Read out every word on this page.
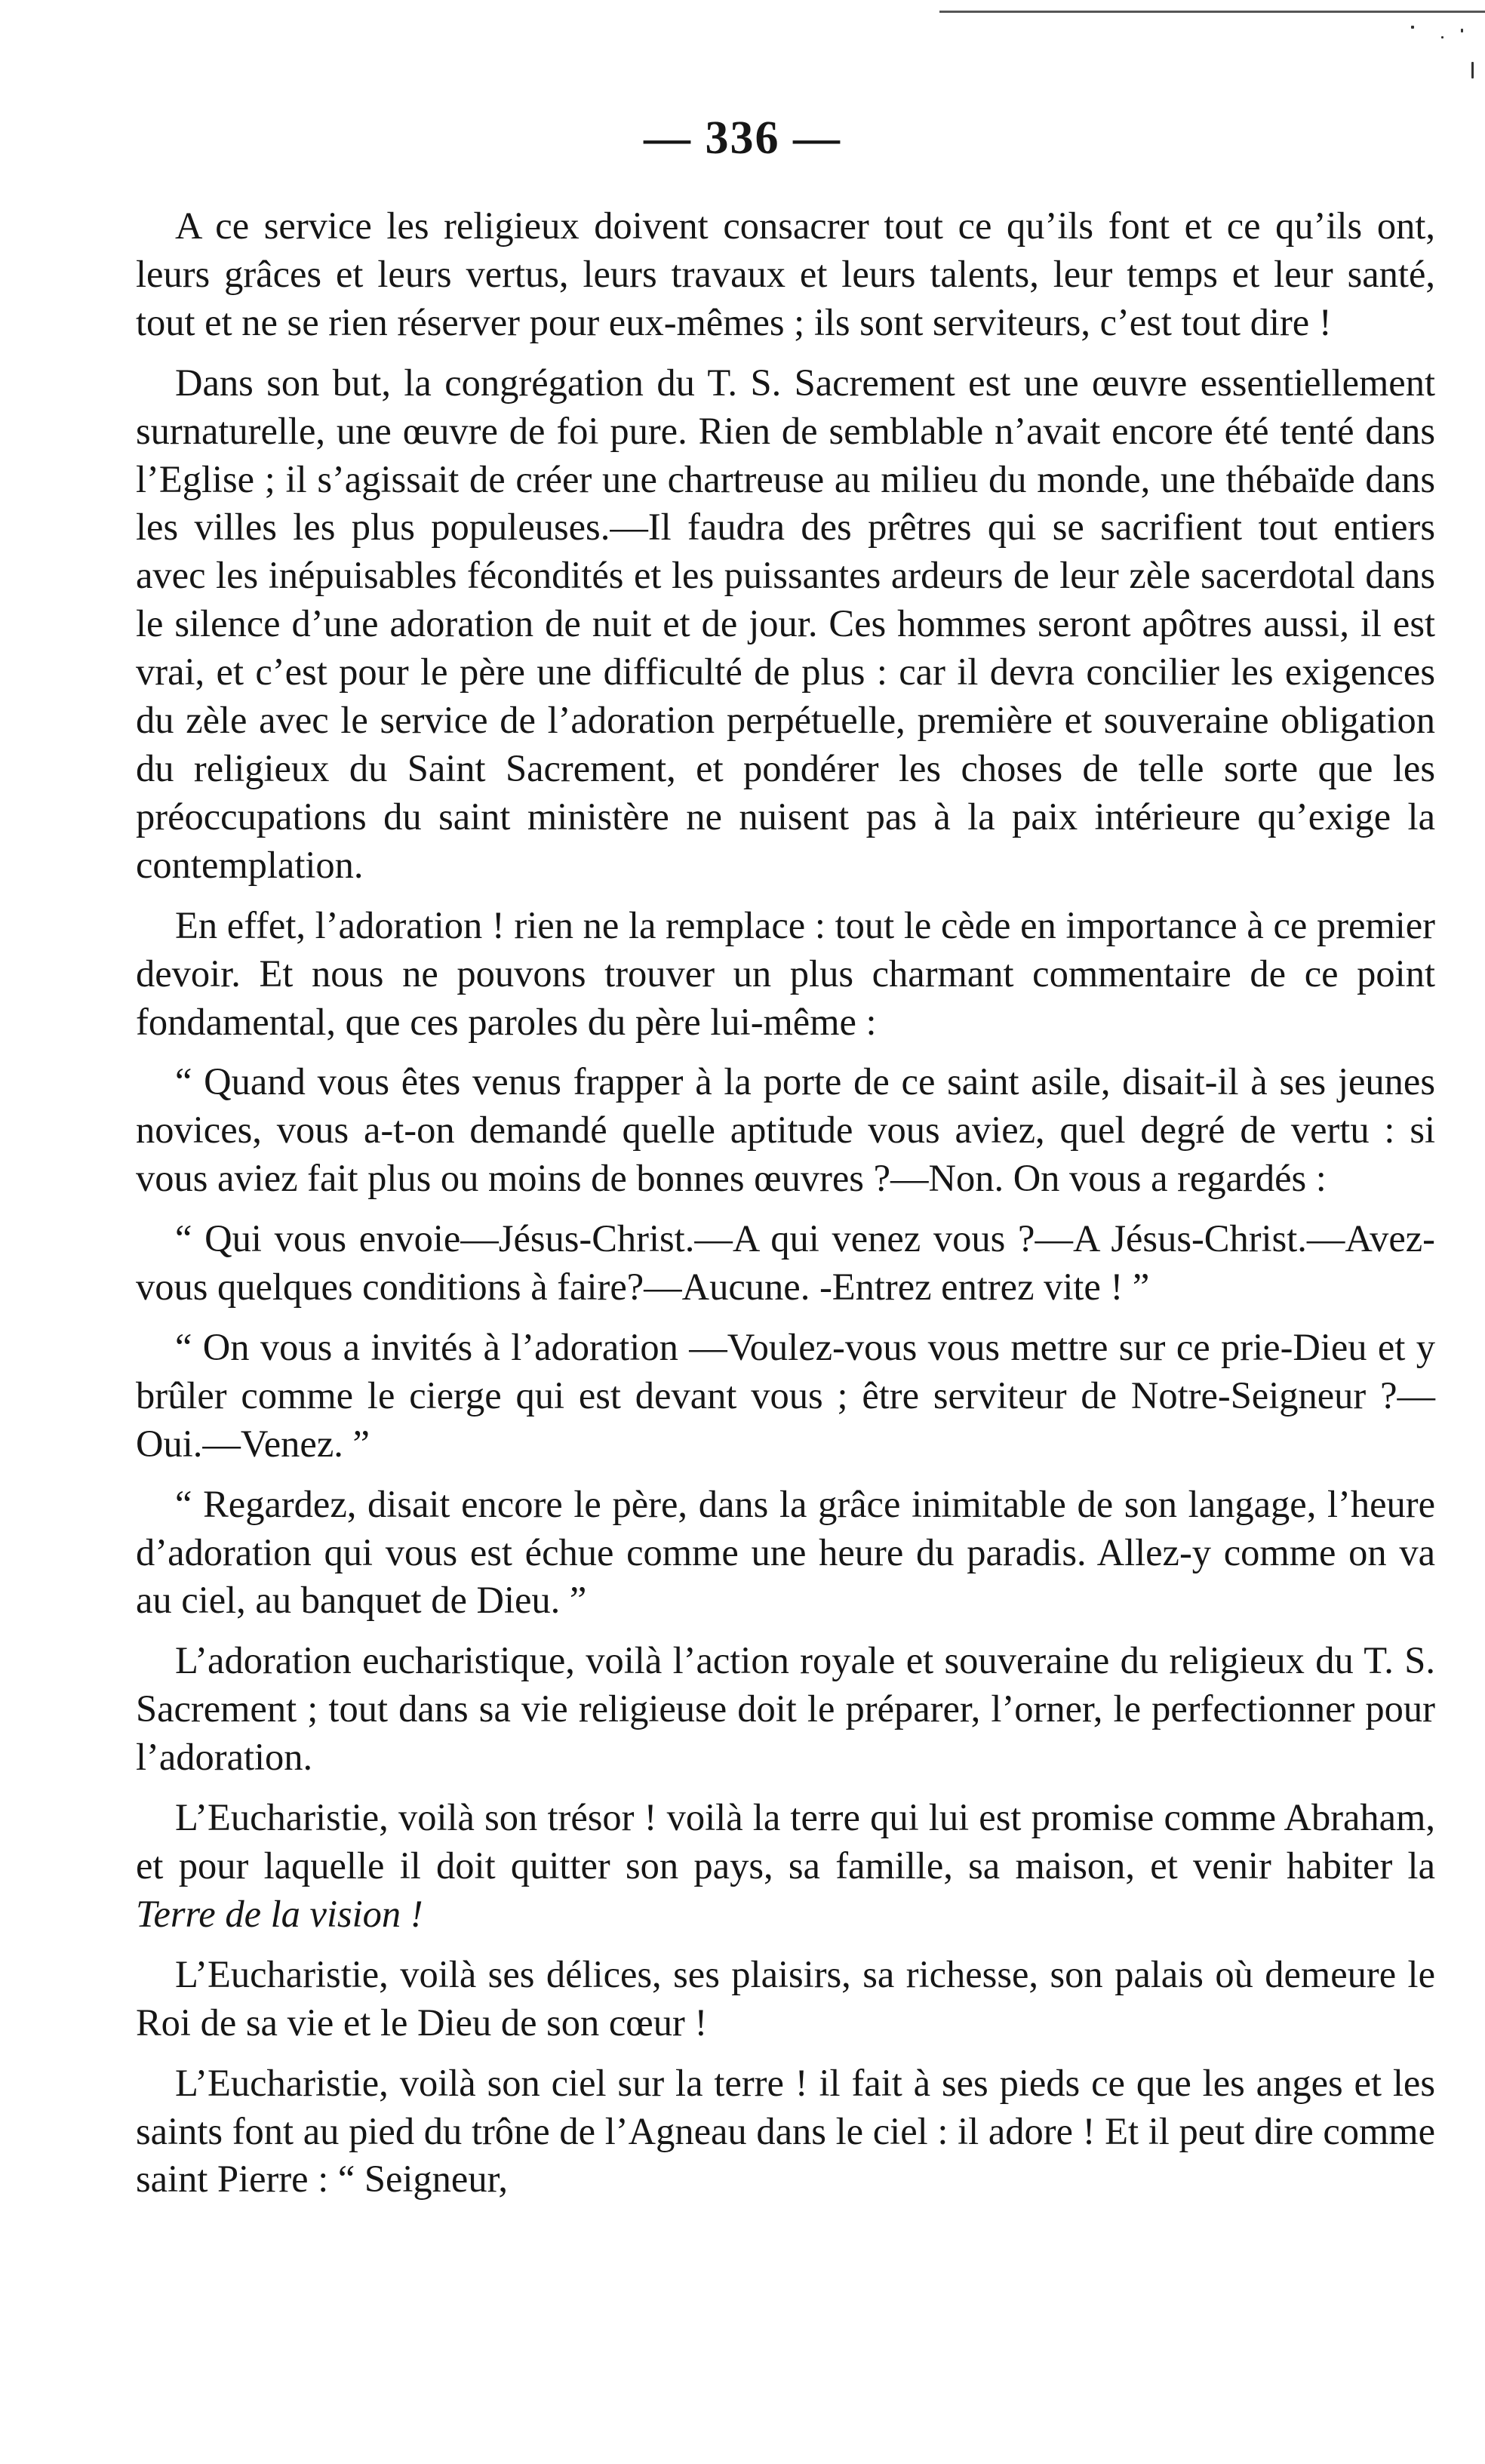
— 336 —

A ce service les religieux doivent consacrer tout ce qu’ils font et ce qu’ils ont, leurs grâces et leurs vertus, leurs travaux et leurs talents, leur temps et leur santé, tout et ne se rien réserver pour eux-mêmes ; ils sont serviteurs, c’est tout dire !

Dans son but, la congrégation du T. S. Sacrement est une œuvre essentiellement surnaturelle, une œuvre de foi pure. Rien de semblable n’avait encore été tenté dans l’Eglise ; il s’agissait de créer une chartreuse au milieu du monde, une thébaïde dans les villes les plus populeuses.—Il faudra des prêtres qui se sacrifient tout entiers avec les inépuisables fécondités et les puissantes ardeurs de leur zèle sacerdotal dans le silence d’une adoration de nuit et de jour. Ces hommes seront apôtres aussi, il est vrai, et c’est pour le père une difficulté de plus : car il devra concilier les exigences du zèle avec le service de l’adoration perpétuelle, première et souveraine obligation du religieux du Saint Sacrement, et pondérer les choses de telle sorte que les préoccupations du saint ministère ne nuisent pas à la paix intérieure qu’exige la contemplation.

En effet, l’adoration ! rien ne la remplace : tout le cède en importance à ce premier devoir. Et nous ne pouvons trouver un plus charmant commentaire de ce point fondamental, que ces paroles du père lui-même :

“ Quand vous êtes venus frapper à la porte de ce saint asile, disait-il à ses jeunes novices, vous a-t-on demandé quelle aptitude vous aviez, quel degré de vertu : si vous aviez fait plus ou moins de bonnes œuvres ?—Non. On vous a regardés :

“ Qui vous envoie—Jésus-Christ.—A qui venez vous ?—A Jésus-Christ.—Avez-vous quelques conditions à faire?—Aucune. -Entrez entrez vite ! ”

“ On vous a invités à l’adoration —Voulez-vous vous mettre sur ce prie-Dieu et y brûler comme le cierge qui est devant vous ; être serviteur de Notre-Seigneur ?—Oui.—Venez. ”

“ Regardez, disait encore le père, dans la grâce inimitable de son langage, l’heure d’adoration qui vous est échue comme une heure du paradis. Allez-y comme on va au ciel, au banquet de Dieu. ”

L’adoration eucharistique, voilà l’action royale et souveraine du religieux du T. S. Sacrement ; tout dans sa vie religieuse doit le préparer, l’orner, le perfectionner pour l’adoration.

L’Eucharistie, voilà son trésor ! voilà la terre qui lui est promise comme Abraham, et pour laquelle il doit quitter son pays, sa famille, sa maison, et venir habiter la Terre de la vision !

L’Eucharistie, voilà ses délices, ses plaisirs, sa richesse, son palais où demeure le Roi de sa vie et le Dieu de son cœur !

L’Eucharistie, voilà son ciel sur la terre ! il fait à ses pieds ce que les anges et les saints font au pied du trône de l’Agneau dans le ciel : il adore ! Et il peut dire comme saint Pierre : “ Seigneur,
